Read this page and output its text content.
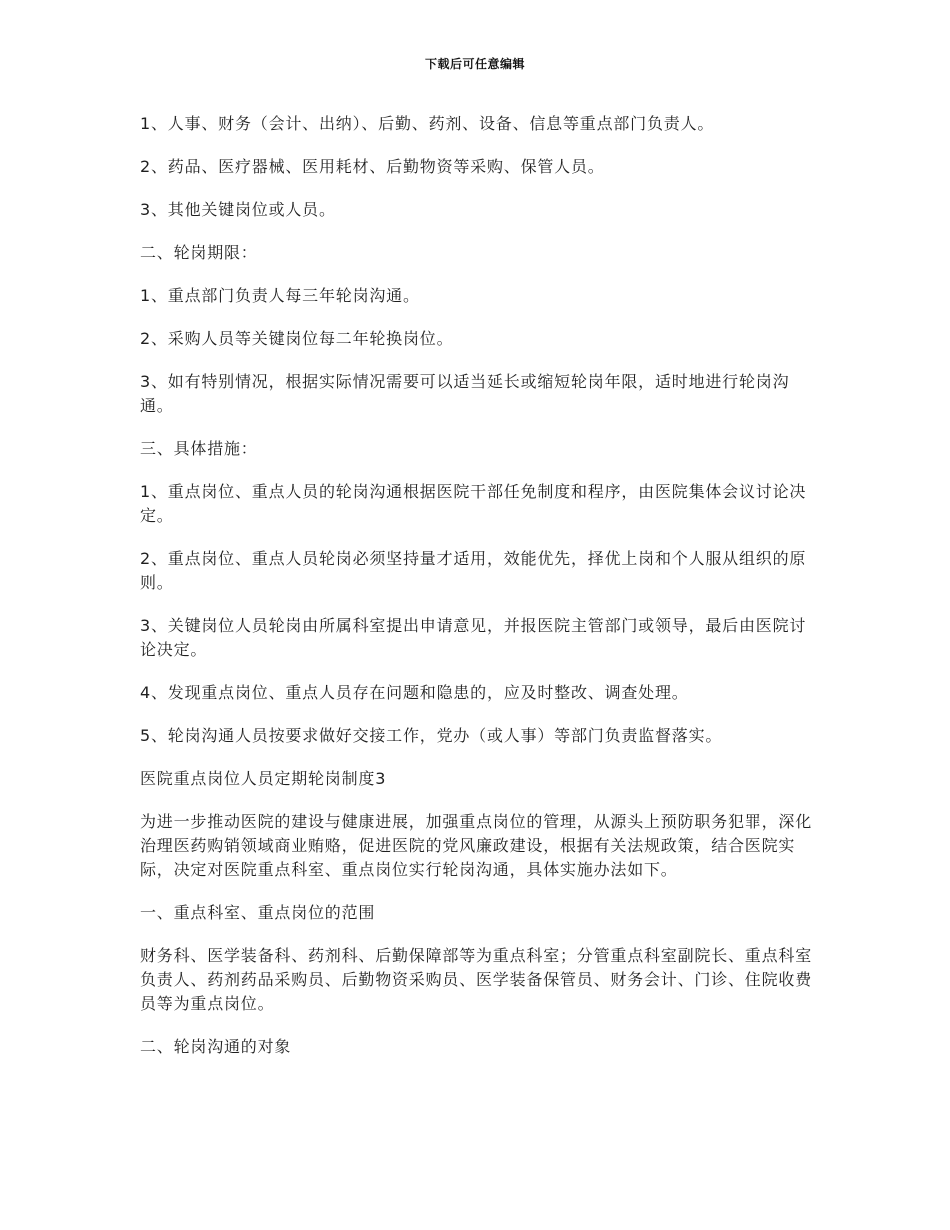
下载后可任意编辑

1、人事、财务（会计、出纳）、后勤、药剂、设备、信息等重点部门负责人。

2、药品、医疗器械、医用耗材、后勤物资等采购、保管人员。

3、其他关键岗位或人员。

二、轮岗期限：

1、重点部门负责人每三年轮岗沟通。

2、采购人员等关键岗位每二年轮换岗位。

3、如有特别情况，根据实际情况需要可以适当延长或缩短轮岗年限，适时地进行轮岗沟通。

三、具体措施：

1、重点岗位、重点人员的轮岗沟通根据医院干部任免制度和程序，由医院集体会议讨论决定。

2、重点岗位、重点人员轮岗必须坚持量才适用，效能优先，择优上岗和个人服从组织的原则。

3、关键岗位人员轮岗由所属科室提出申请意见，并报医院主管部门或领导，最后由医院讨论决定。

4、发现重点岗位、重点人员存在问题和隐患的，应及时整改、调查处理。

5、轮岗沟通人员按要求做好交接工作，党办（或人事）等部门负责监督落实。

医院重点岗位人员定期轮岗制度3

为进一步推动医院的建设与健康进展，加强重点岗位的管理，从源头上预防职务犯罪，深化治理医药购销领域商业贿赂，促进医院的党风廉政建设，根据有关法规政策，结合医院实际，决定对医院重点科室、重点岗位实行轮岗沟通，具体实施办法如下。

一、重点科室、重点岗位的范围

财务科、医学装备科、药剂科、后勤保障部等为重点科室；分管重点科室副院长、重点科室负责人、药剂药品采购员、后勤物资采购员、医学装备保管员、财务会计、门诊、住院收费员等为重点岗位。

二、轮岗沟通的对象
